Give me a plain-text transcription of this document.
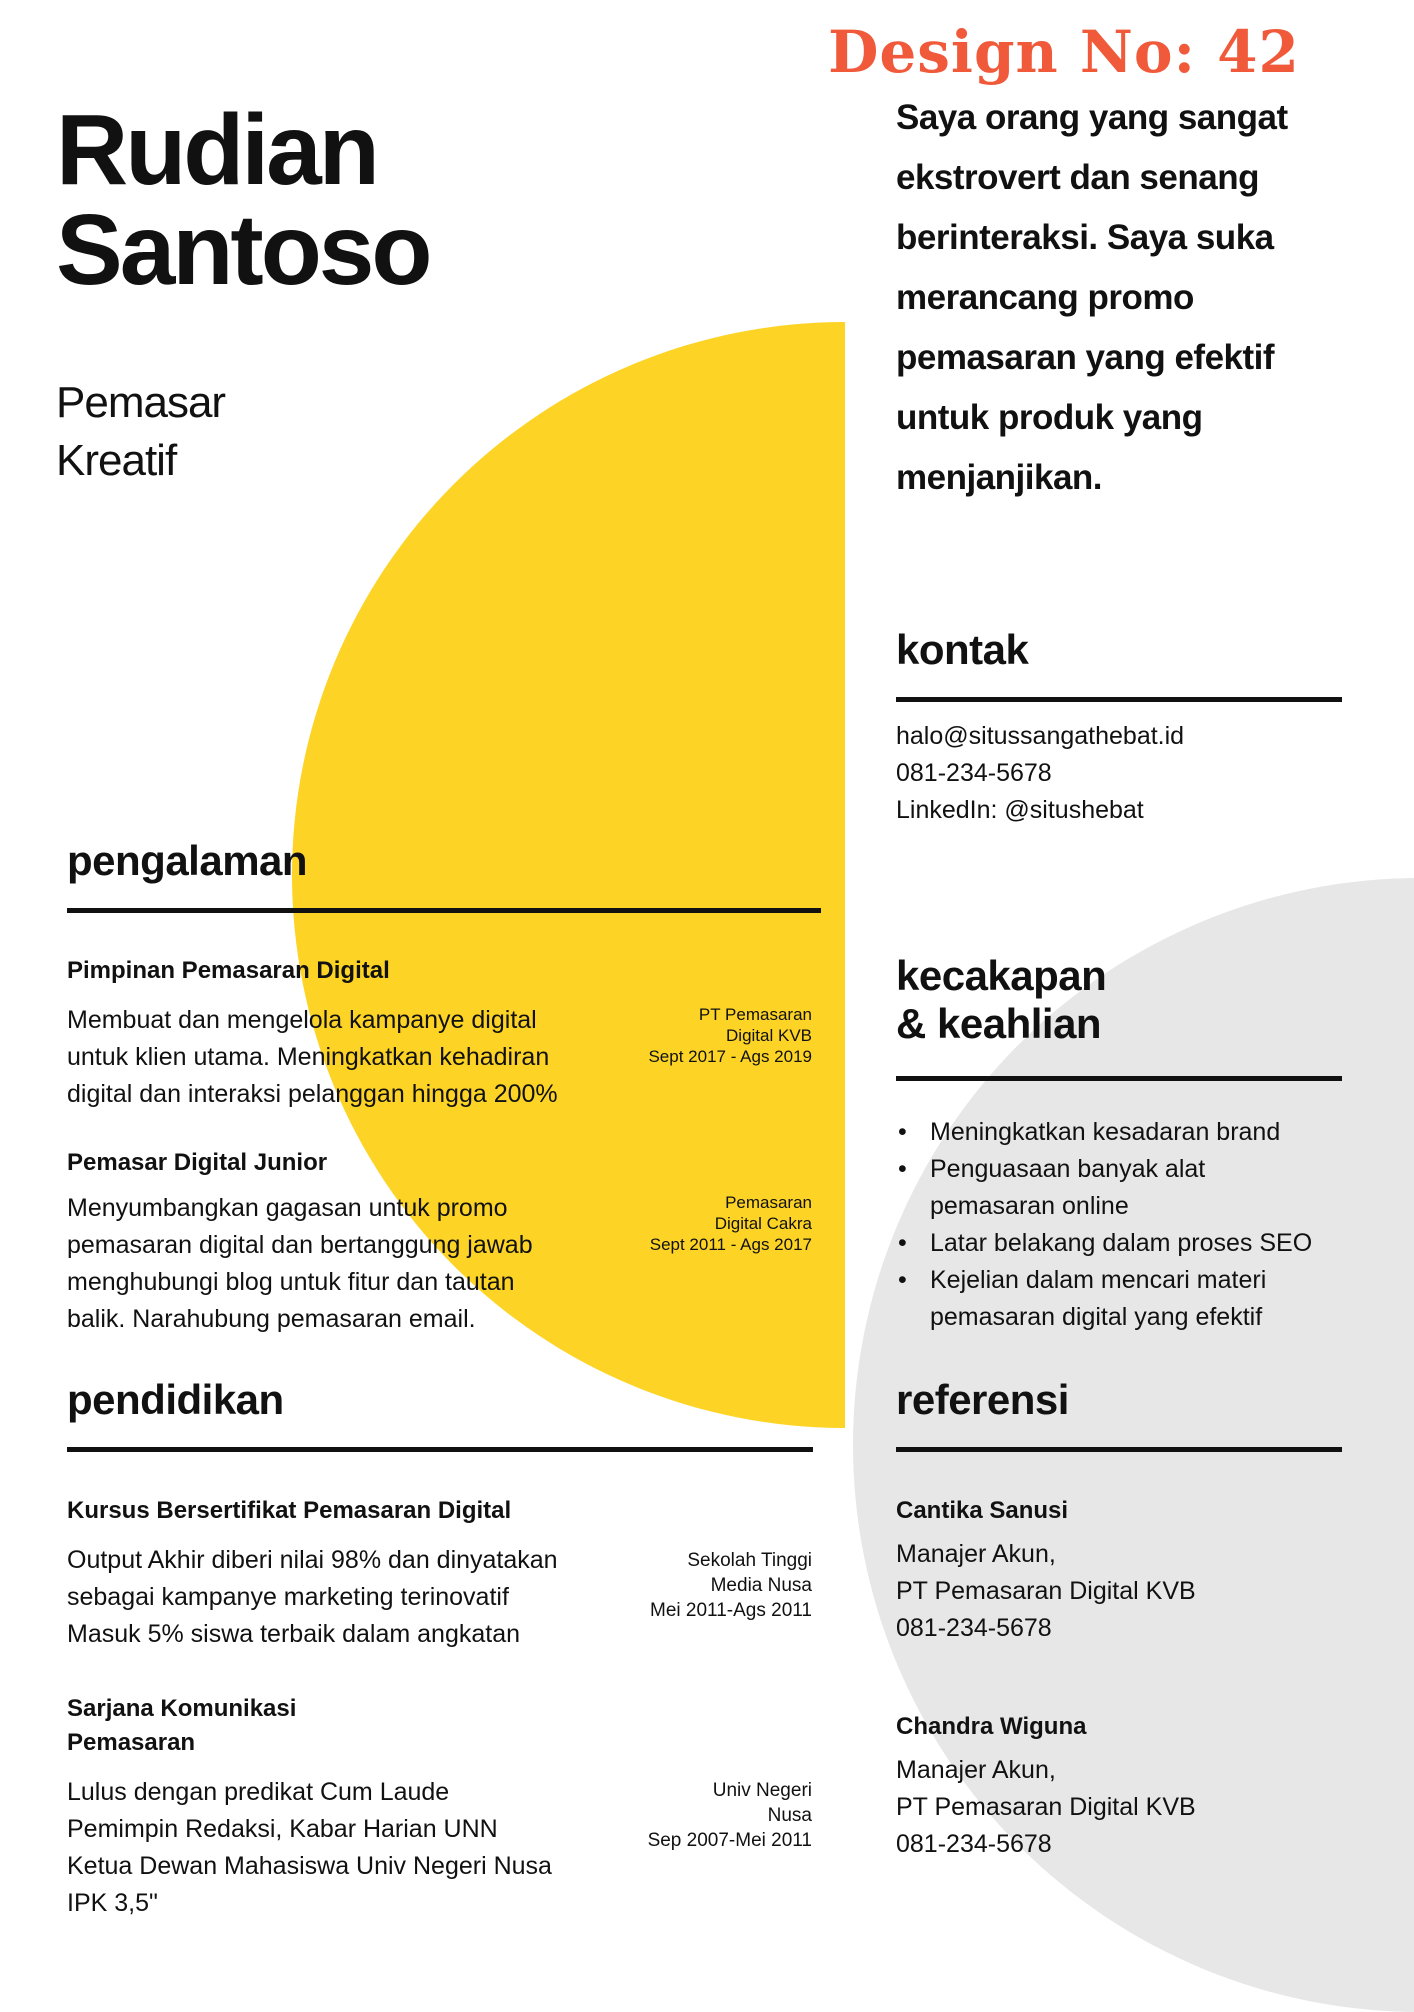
Design No: 42
Rudian
Santoso
Pemasar
Kreatif
Saya orang yang sangat
ekstrovert dan senang
berinteraksi. Saya suka
merancang promo
pemasaran yang efektif
untuk produk yang
menjanjikan.
kontak
halo@situssangathebat.id
081-234-5678
LinkedIn: @situshebat
pengalaman
Pimpinan Pemasaran Digital
Membuat dan mengelola kampanye digital
untuk klien utama. Meningkatkan kehadiran
digital dan interaksi pelanggan hingga 200%
PT Pemasaran
Digital KVB
Sept 2017 - Ags 2019
Pemasar Digital Junior
Menyumbangkan gagasan untuk promo
pemasaran digital dan bertanggung jawab
menghubungi blog untuk fitur dan tautan
balik. Narahubung pemasaran email.
Pemasaran
Digital Cakra
Sept 2011 - Ags 2017
pendidikan
Kursus Bersertifikat Pemasaran Digital
Output Akhir diberi nilai 98% dan dinyatakan
sebagai kampanye marketing terinovatif
Masuk 5% siswa terbaik dalam angkatan
Sekolah Tinggi
Media Nusa
Mei 2011-Ags 2011
Sarjana Komunikasi
Pemasaran
Lulus dengan predikat Cum Laude
Pemimpin Redaksi, Kabar Harian UNN
Ketua Dewan Mahasiswa Univ Negeri Nusa
IPK 3,5"
Univ Negeri
Nusa
Sep 2007-Mei 2011
kecakapan
& keahlian
• Meningkatkan kesadaran brand
• Penguasaan banyak alat
pemasaran online
• Latar belakang dalam proses SEO
• Kejelian dalam mencari materi
pemasaran digital yang efektif
referensi
Cantika Sanusi
Manajer Akun,
PT Pemasaran Digital KVB
081-234-5678
Chandra Wiguna
Manajer Akun,
PT Pemasaran Digital KVB
081-234-5678
